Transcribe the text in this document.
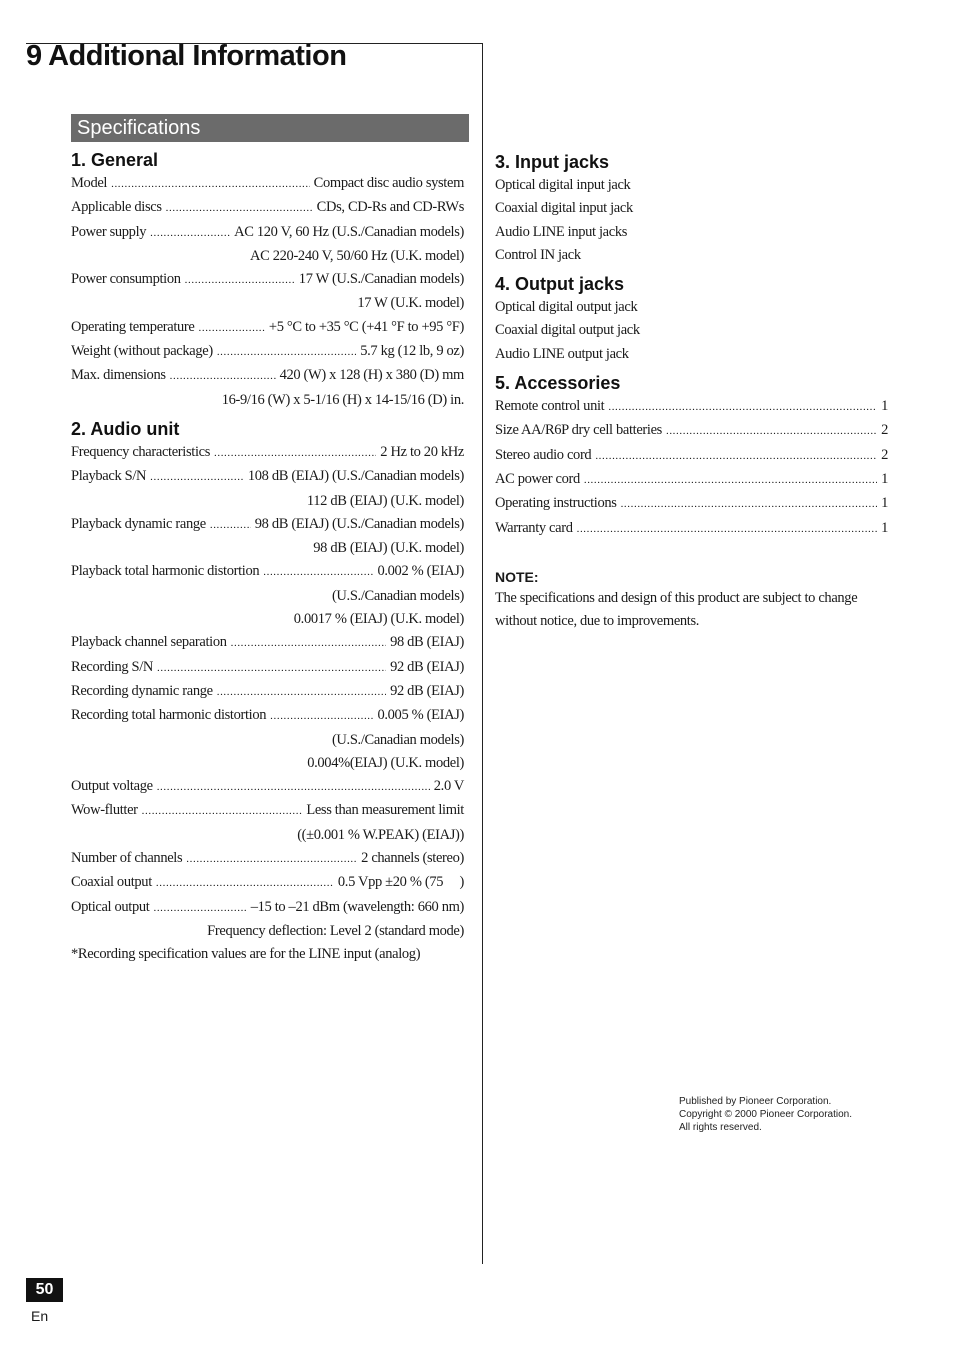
9 Additional Information
Specifications
1. General
Model .....	Compact disc audio system
Applicable discs .....	CDs, CD-Rs and CD-RWs
Power supply .....	AC 120 V, 60 Hz (U.S./Canadian models)
AC 220-240 V, 50/60 Hz (U.K. model)
Power consumption .....	17 W (U.S./Canadian models)
17 W (U.K. model)
Operating temperature .....	+5 °C to +35 °C (+41 °F to +95 °F)
Weight (without package) .....	5.7 kg (12 lb, 9 oz)
Max. dimensions .....	420 (W) x 128 (H) x 380 (D) mm
16-9/16 (W) x 5-1/16 (H) x 14-15/16 (D) in.
2. Audio unit
Frequency characteristics .....	2 Hz to 20 kHz
Playback S/N .....	108 dB (EIAJ) (U.S./Canadian models)
112 dB (EIAJ) (U.K. model)
Playback dynamic range .....	98 dB (EIAJ) (U.S./Canadian models)
98 dB (EIAJ) (U.K. model)
Playback total harmonic distortion .....	0.002 % (EIAJ)
(U.S./Canadian models)
0.0017 % (EIAJ) (U.K. model)
Playback channel separation .....	98 dB (EIAJ)
Recording S/N .....	92 dB (EIAJ)
Recording dynamic range .....	92 dB (EIAJ)
Recording total harmonic distortion .....	0.005 % (EIAJ)
(U.S./Canadian models)
0.004%(EIAJ) (U.K. model)
Output voltage .....	2.0 V
Wow-flutter .....	Less than measurement limit
((±0.001 % W.PEAK) (EIAJ))
Number of channels .....	2 channels (stereo)
Coaxial output .....	0.5 Vpp ±20 % (75     )
Optical output .....	–15 to –21 dBm (wavelength: 660 nm)
Frequency deflection: Level 2 (standard mode)
*Recording specification values are for the LINE input (analog)
3. Input jacks
Optical digital input jack
Coaxial digital input jack
Audio LINE input jacks
Control IN jack
4. Output jacks
Optical digital output jack
Coaxial digital output jack
Audio LINE output jack
5. Accessories
Remote control unit .....	1
Size AA/R6P dry cell batteries .....	2
Stereo audio cord .....	2
AC power cord .....	1
Operating instructions .....	1
Warranty card .....	1
NOTE:
The specifications and design of this product are subject to change without notice, due to improvements.
Published by Pioneer Corporation.
Copyright © 2000 Pioneer Corporation.
All rights reserved.
50
En
